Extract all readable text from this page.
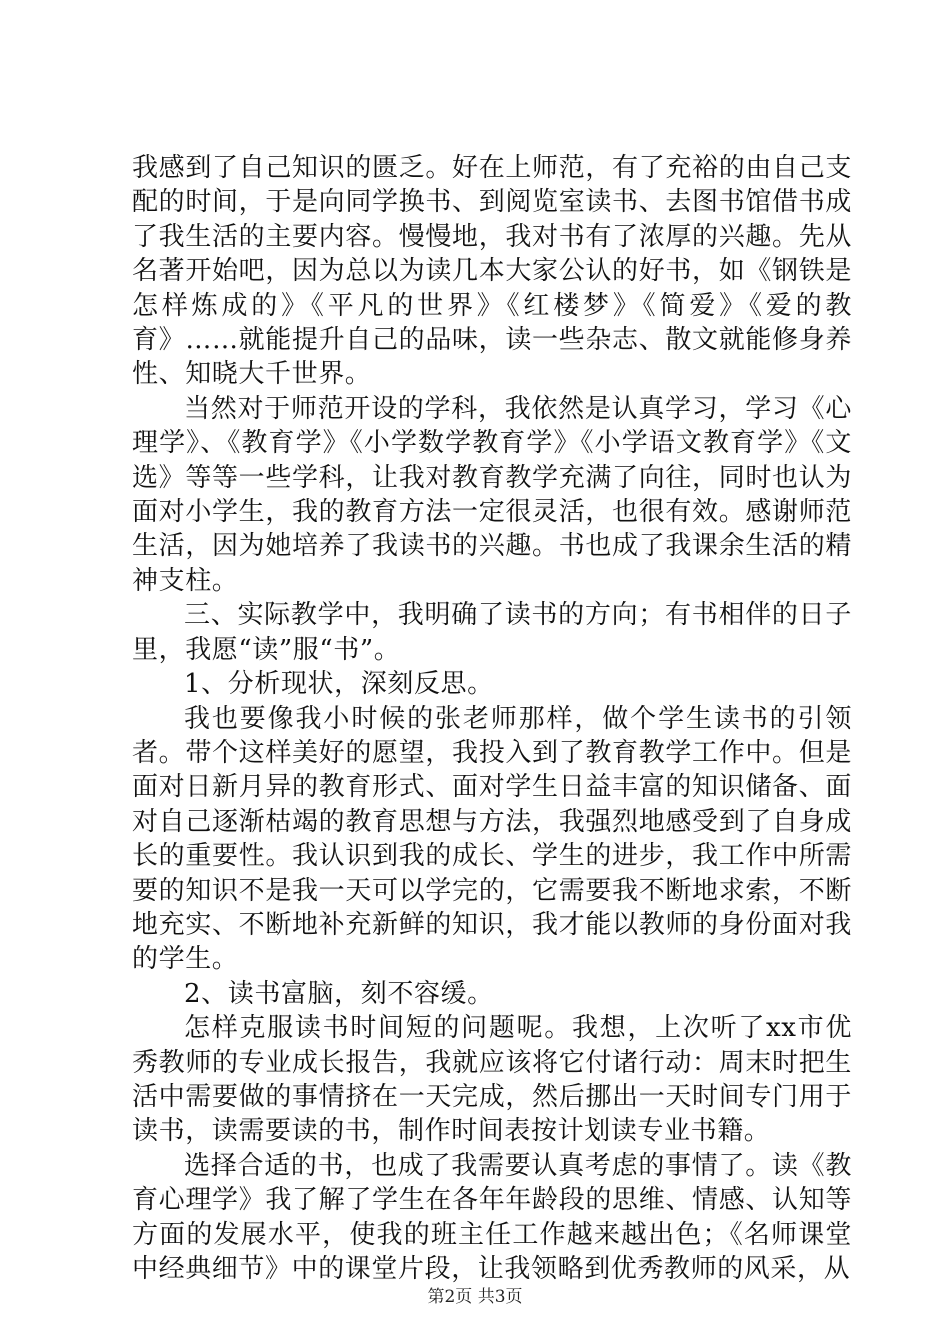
我感到了自己知识的匮乏。好在上师范，有了充裕的由自己支配的时间，于是向同学换书、到阅览室读书、去图书馆借书成了我生活的主要内容。慢慢地，我对书有了浓厚的兴趣。先从名著开始吧，因为总以为读几本大家公认的好书，如《钢铁是怎样炼成的》《平凡的世界》《红楼梦》《简爱》《爱的教育》……就能提升自己的品味，读一些杂志、散文就能修身养性、知晓大千世界。

当然对于师范开设的学科，我依然是认真学习，学习《心理学》、《教育学》《小学数学教育学》《小学语文教育学》《文选》等等一些学科，让我对教育教学充满了向往，同时也认为面对小学生，我的教育方法一定很灵活，也很有效。感谢师范生活，因为她培养了我读书的兴趣。书也成了我课余生活的精神支柱。

三、实际教学中，我明确了读书的方向；有书相伴的日子里，我愿“读”服“书”。

1、分析现状，深刻反思。

我也要像我小时候的张老师那样，做个学生读书的引领者。带个这样美好的愿望，我投入到了教育教学工作中。但是面对日新月异的教育形式、面对学生日益丰富的知识储备、面对自己逐渐枯竭的教育思想与方法，我强烈地感受到了自身成长的重要性。我认识到我的成长、学生的进步，我工作中所需要的知识不是我一天可以学完的，它需要我不断地求索，不断地充实、不断地补充新鲜的知识，我才能以教师的身份面对我的学生。

2、读书富脑，刻不容缓。

怎样克服读书时间短的问题呢。我想，上次听了xx市优秀教师的专业成长报告，我就应该将它付诸行动：周末时把生活中需要做的事情挤在一天完成，然后挪出一天时间专门用于读书，读需要读的书，制作时间表按计划读专业书籍。

选择合适的书，也成了我需要认真考虑的事情了。读《教育心理学》我了解了学生在各年年龄段的思维、情感、认知等方面的发展水平，使我的班主任工作越来越出色；《名师课堂中经典细节》中的课堂片段，让我领略到优秀教师的风采，从

第2页 共3页
